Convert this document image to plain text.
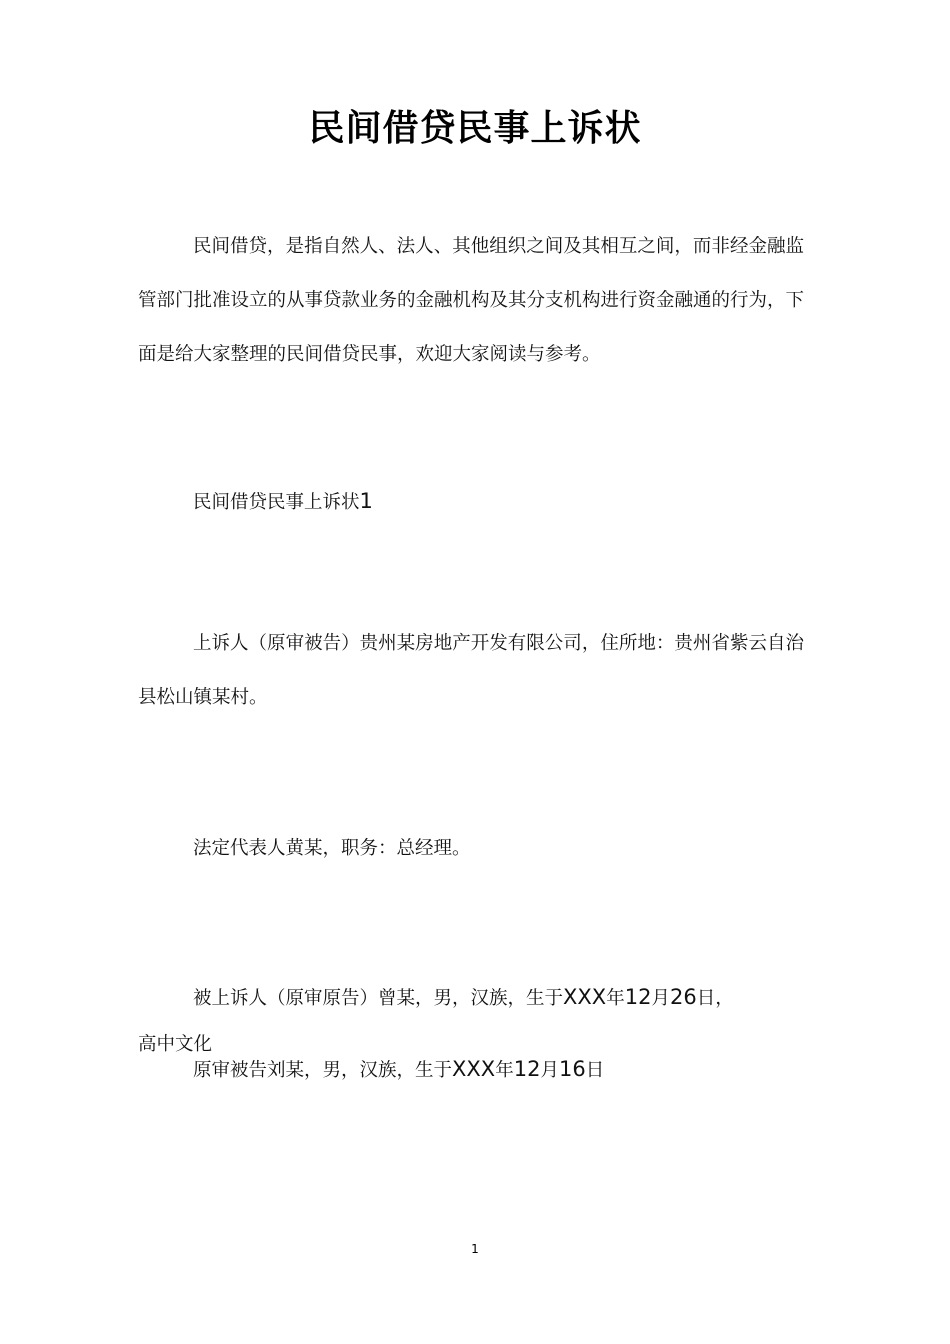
民间借贷民事上诉状

民间借贷，是指自然人、法人、其他组织之间及其相互之间，而非经金融监管部门批准设立的从事贷款业务的金融机构及其分支机构进行资金融通的行为，下面是给大家整理的民间借贷民事，欢迎大家阅读与参考。

民间借贷民事上诉状1

上诉人（原审被告）贵州某房地产开发有限公司，住所地：贵州省紫云自治县松山镇某村。

法定代表人黄某，职务：总经理。

被上诉人（原审原告）曾某，男，汉族，生于XXX年12月26日，

高中文化

原审被告刘某，男，汉族，生于XXX年12月16日

1
